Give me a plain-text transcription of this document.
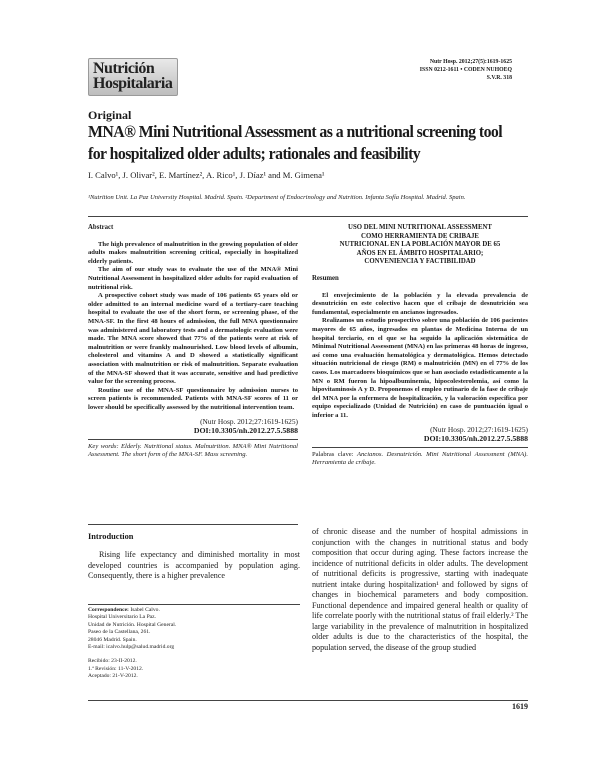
Nutrición
Hospitalaria
Nutr Hosp. 2012;27(5):1619-1625
ISSN 0212-1611 • CODEN NUHOEQ
S.V.R. 318
Original
MNA® Mini Nutritional Assessment as a nutritional screening tool
for hospitalized older adults; rationales and feasibility
I. Calvo¹, J. Olivar², E. Martínez², A. Rico¹, J. Díaz¹ and M. Gimena¹
¹Nutrition Unit. La Paz University Hospital. Madrid. Spain. ²Department of Endocrinology and Nutrition. Infanta Sofía Hospital. Madrid. Spain.
Abstract

The high prevalence of malnutrition in the growing population of older adults makes malnutrition screening critical, especially in hospitalized elderly patients.

The aim of our study was to evaluate the use of the MNA® Mini Nutritional Assessment in hospitalized older adults for rapid evaluation of nutritional risk.

A prospective cohort study was made of 106 patients 65 years old or older admitted to an internal medicine ward of a tertiary-care teaching hospital to evaluate the use of the short form, or screening phase, of the MNA-SF. In the first 48 hours of admission, the full MNA questionnaire was administered and laboratory tests and a dermatologic evaluation were made. The MNA score showed that 77% of the patients were at risk of malnutrition or were frankly malnourished. Low blood levels of albumin, cholesterol and vitamins A and D showed a statistically significant association with malnutrition or risk of malnutrition. Separate evaluation of the MNA-SF showed that it was accurate, sensitive and had predictive value for the screening process.

Routine use of the MNA-SF questionnaire by admission nurses to screen patients is recommended. Patients with MNA-SF scores of 11 or lower should be specifically assessed by the nutritional intervention team.

(Nutr Hosp. 2012;27:1619-1625)
DOI:10.3305/nh.2012.27.5.5888
Key words: Elderly. Nutritional status. Malnutrition. MNA® Mini Nutritional Assessment. The short form of the MNA-SF. Mass screening.
USO DEL MINI NUTRITIONAL ASSESSMENT
COMO HERRAMIENTA DE CRIBAJE
NUTRICIONAL EN LA POBLACIÓN MAYOR DE 65
AÑOS EN EL ÁMBITO HOSPITALARIO;
CONVENIENCIA Y FACTIBILIDAD
Resumen

El envejecimiento de la población y la elevada prevalencia de desnutrición en este colectivo hacen que el cribaje de desnutrición sea fundamental, especialmente en ancianos ingresados.

Realizamos un estudio prospectivo sobre una población de 106 pacientes mayores de 65 años, ingresados en plantas de Medicina Interna de un hospital terciario, en el que se ha seguido la aplicación sistemática de Minimal Nutritional Assessment (MNA) en las primeras 48 horas de ingreso, así como una evaluación hematológica y dermatológica. Hemos detectado situación nutricional de riesgo (RM) o malnutrición (MN) en el 77% de los casos. Los marcadores bioquímicos que se han asociado estadísticamente a la MN o RM fueron la hipoalbuminemia, hipocolesterolemia, así como la hipovitaminosis A y D. Proponemos el empleo rutinario de la fase de cribaje del MNA por la enfermera de hospitalización, y la valoración específica por equipo especializado (Unidad de Nutrición) en caso de puntuación igual o inferior a 11.

(Nutr Hosp. 2012;27:1619-1625)
DOI:10.3305/nh.2012.27.5.5888
Palabras clave: Ancianos. Desnutrición. Mini Nutritional Assessment (MNA). Herramienta de cribaje.
Introduction

Rising life expectancy and diminished mortality in most developed countries is accompanied by population aging. Consequently, there is a higher prevalence

Correspondence: Isabel Calvo.
Hospital Universitario La Paz.
Unidad de Nutrición. Hospital General.
Paseo de la Castellana, 261.
28046 Madrid. Spain.
E-mail: icalvo.hulp@salud.madrid.org
Recibido: 23-II-2012.
1.ª Revisión: 11-V-2012.
Aceptado: 21-V-2012.
of chronic disease and the number of hospital admissions in conjunction with the changes in nutritional status and body composition that occur during aging. These factors increase the incidence of nutritional deficits in older adults. The development of nutritional deficits is progressive, starting with inadequate nutrient intake during hospitalization¹ and followed by signs of changes in biochemical parameters and body composition. Functional dependence and impaired general health or quality of life correlate poorly with the nutritional status of frail elderly.² The large variability in the prevalence of malnutrition in hospitalized older adults is due to the characteristics of the hospital, the population served, the disease of the group studied
1619
